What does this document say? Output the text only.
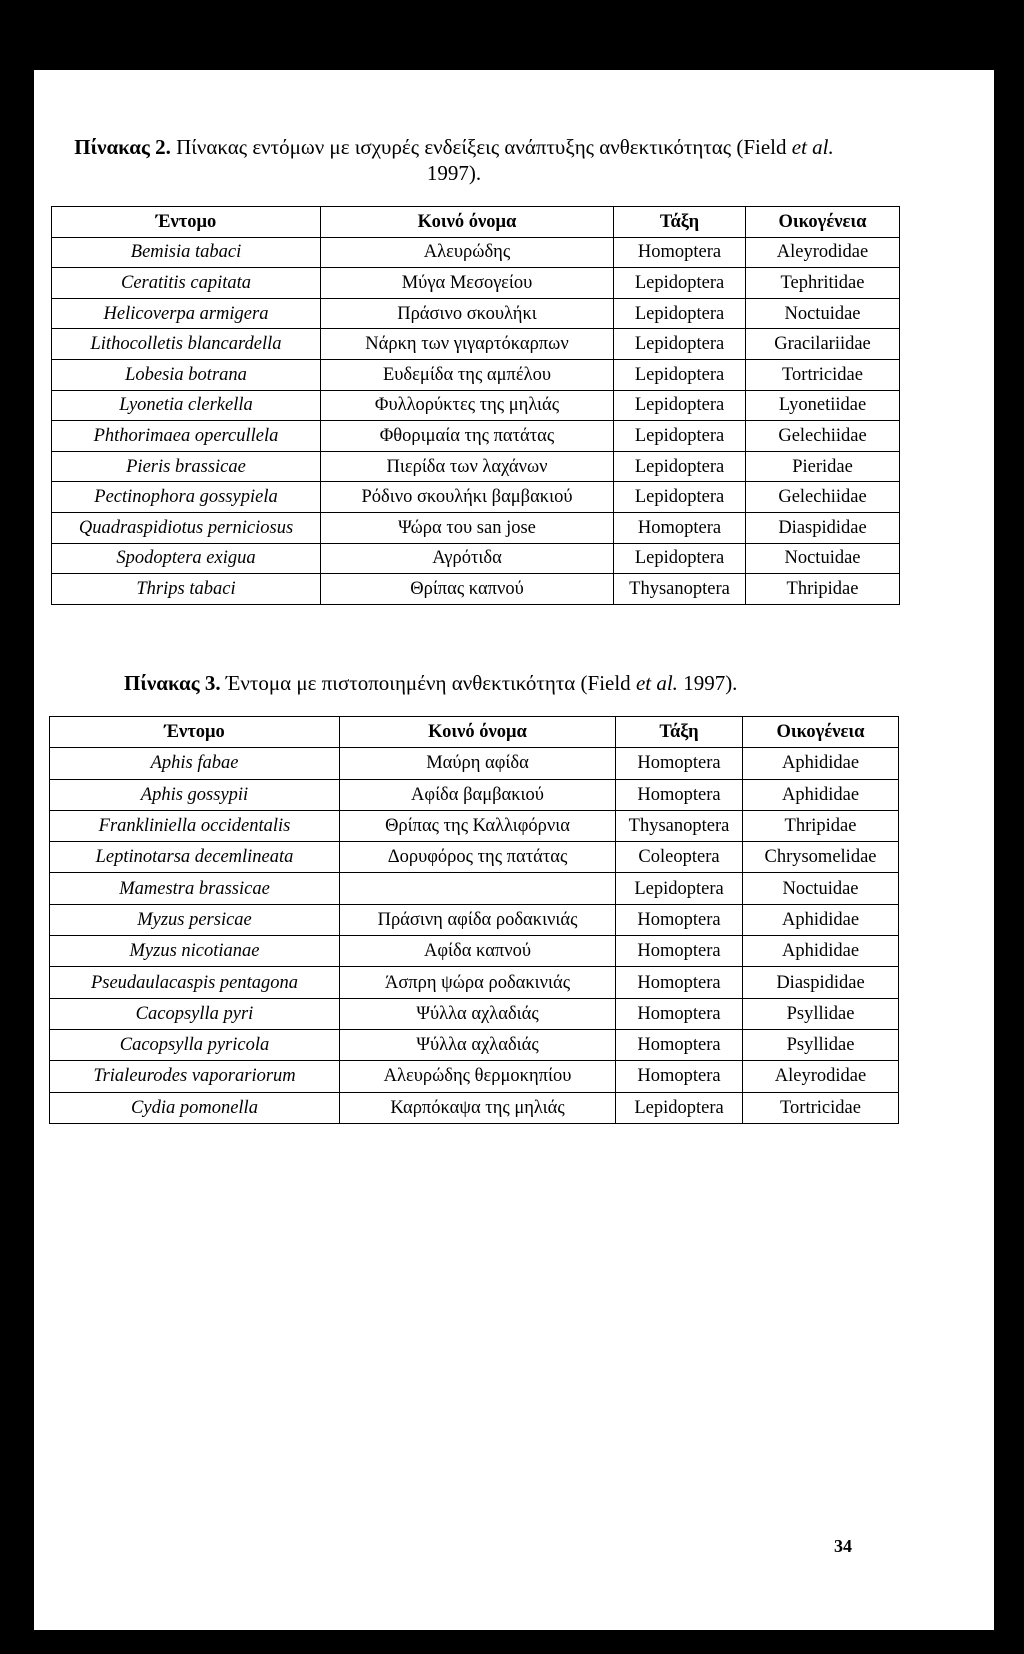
Πίνακας 2. Πίνακας εντόμων με ισχυρές ενδείξεις ανάπτυξης ανθεκτικότητας (Field et al. 1997).
Έντομο	Κοινό όνομα	Τάξη	Οικογένεια
Bemisia tabaci	Αλευρώδης	Homoptera	Aleyrodidae
Ceratitis capitata	Μύγα Μεσογείου	Lepidoptera	Tephritidae
Helicoverpa armigera	Πράσινο σκουλήκι	Lepidoptera	Noctuidae
Lithocolletis blancardella	Νάρκη των γιγαρτόκαρπων	Lepidoptera	Gracilariidae
Lobesia botrana	Ευδεμίδα της αμπέλου	Lepidoptera	Tortricidae
Lyonetia clerkella	Φυλλορύκτες της μηλιάς	Lepidoptera	Lyonetiidae
Phthorimaea opercullela	Φθοριμαία της πατάτας	Lepidoptera	Gelechiidae
Pieris brassicae	Πιερίδα των λαχάνων	Lepidoptera	Pieridae
Pectinophora gossypiela	Ρόδινο σκουλήκι βαμβακιού	Lepidoptera	Gelechiidae
Quadraspidiotus perniciosus	Ψώρα του san jose	Homoptera	Diaspididae
Spodoptera exigua	Αγρότιδα	Lepidoptera	Noctuidae
Thrips tabaci	Θρίπας καπνού	Thysanoptera	Thripidae
Πίνακας 3. Έντομα με πιστοποιημένη ανθεκτικότητα (Field et al. 1997).
Έντομο	Κοινό όνομα	Τάξη	Οικογένεια
Aphis fabae	Μαύρη αφίδα	Homoptera	Aphididae
Aphis gossypii	Αφίδα βαμβακιού	Homoptera	Aphididae
Frankliniella occidentalis	Θρίπας της Καλλιφόρνια	Thysanoptera	Thripidae
Leptinotarsa decemlineata	Δορυφόρος της πατάτας	Coleoptera	Chrysomelidae
Mamestra brassicae		Lepidoptera	Noctuidae
Myzus persicae	Πράσινη αφίδα ροδακινιάς	Homoptera	Aphididae
Myzus nicotianae	Αφίδα καπνού	Homoptera	Aphididae
Pseudaulacaspis pentagona	Άσπρη ψώρα ροδακινιάς	Homoptera	Diaspididae
Cacopsylla pyri	Ψύλλα αχλαδιάς	Homoptera	Psyllidae
Cacopsylla pyricola	Ψύλλα αχλαδιάς	Homoptera	Psyllidae
Trialeurodes vaporariorum	Αλευρώδης θερμοκηπίου	Homoptera	Aleyrodidae
Cydia pomonella	Καρπόκαψα της μηλιάς	Lepidoptera	Tortricidae
34
